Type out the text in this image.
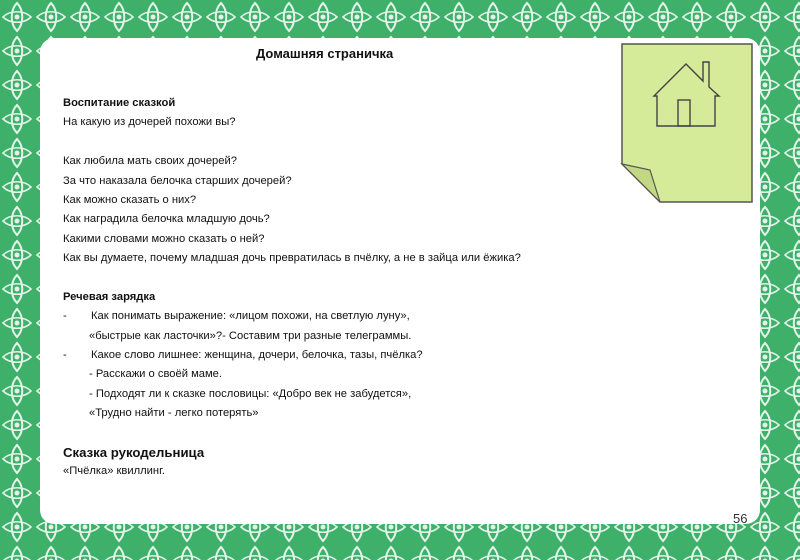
Домашняя страничка
Воспитание сказкой
На какую из дочерей похожи вы?
Как любила мать своих дочерей?
За что наказала белочка старших дочерей?
Как можно сказать о них?
Как наградила белочка младшую дочь?
Какими словами можно сказать о ней?
Как вы думаете, почему младшая дочь превратилась в пчёлку, а не в зайца или ёжика?
Речевая зарядка
- Как понимать выражение: «лицом похожи, на светлую луну»,
«быстрые как ласточки»?- Составим три разные телеграммы.
- Какое слово лишнее: женщина, дочери, белочка, тазы, пчёлка?
- Расскажи о своёй маме.
- Подходят ли к сказке пословицы: «Добро век не забудется»,
«Трудно найти - легко потерять»
Сказка рукодельница
«Пчёлка» квиллинг.
56
